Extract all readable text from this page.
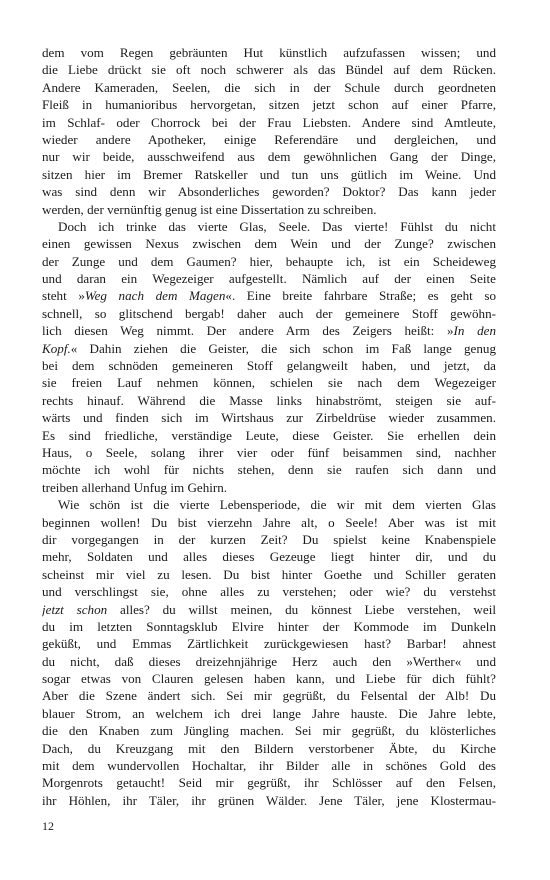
dem vom Regen gebräunten Hut künstlich aufzufassen wissen; und
die Liebe drückt sie oft noch schwerer als das Bündel auf dem Rücken.
Andere Kameraden, Seelen, die sich in der Schule durch geordneten
Fleiß in humanioribus hervorgetan, sitzen jetzt schon auf einer Pfarre,
im Schlaf- oder Chorrock bei der Frau Liebsten. Andere sind Amtleute,
wieder andere Apotheker, einige Referendäre und dergleichen, und
nur wir beide, ausschweifend aus dem gewöhnlichen Gang der Dinge,
sitzen hier im Bremer Ratskeller und tun uns gütlich im Weine. Und
was sind denn wir Absonderliches geworden? Doktor? Das kann jeder
werden, der vernünftig genug ist eine Dissertation zu schreiben.
Doch ich trinke das vierte Glas, Seele. Das vierte! Fühlst du nicht
einen gewissen Nexus zwischen dem Wein und der Zunge? zwischen
der Zunge und dem Gaumen? hier, behaupte ich, ist ein Scheideweg
und daran ein Wegezeiger aufgestellt. Nämlich auf der einen Seite
steht »Weg nach dem Magen«. Eine breite fahrbare Straße; es geht so
schnell, so glitschend bergab! daher auch der gemeinere Stoff gewöhn-
lich diesen Weg nimmt. Der andere Arm des Zeigers heißt: »In den
Kopf.« Dahin ziehen die Geister, die sich schon im Faß lange genug
bei dem schnöden gemeineren Stoff gelangweilt haben, und jetzt, da
sie freien Lauf nehmen können, schielen sie nach dem Wegezeiger
rechts hinauf. Während die Masse links hinabströmt, steigen sie auf-
wärts und finden sich im Wirtshaus zur Zirbeldrüse wieder zusammen.
Es sind friedliche, verständige Leute, diese Geister. Sie erhellen dein
Haus, o Seele, solang ihrer vier oder fünf beisammen sind, nachher
möchte ich wohl für nichts stehen, denn sie raufen sich dann und
treiben allerhand Unfug im Gehirn.
Wie schön ist die vierte Lebensperiode, die wir mit dem vierten Glas
beginnen wollen! Du bist vierzehn Jahre alt, o Seele! Aber was ist mit
dir vorgegangen in der kurzen Zeit? Du spielst keine Knabenspiele
mehr, Soldaten und alles dieses Gezeuge liegt hinter dir, und du
scheinst mir viel zu lesen. Du bist hinter Goethe und Schiller geraten
und verschlingst sie, ohne alles zu verstehen; oder wie? du verstehst
jetzt schon alles? du willst meinen, du könnest Liebe verstehen, weil
du im letzten Sonntagsklub Elvire hinter der Kommode im Dunkeln
geküßt, und Emmas Zärtlichkeit zurückgewiesen hast? Barbar! ahnest
du nicht, daß dieses dreizehnjährige Herz auch den »Werther« und
sogar etwas von Clauren gelesen haben kann, und Liebe für dich fühlt?
Aber die Szene ändert sich. Sei mir gegrüßt, du Felsental der Alb! Du
blauer Strom, an welchem ich drei lange Jahre hauste. Die Jahre lebte,
die den Knaben zum Jüngling machen. Sei mir gegrüßt, du klösterliches
Dach, du Kreuzgang mit den Bildern verstorbener Äbte, du Kirche
mit dem wundervollen Hochaltar, ihr Bilder alle in schönes Gold des
Morgenrots getaucht! Seid mir gegrüßt, ihr Schlösser auf den Felsen,
ihr Höhlen, ihr Täler, ihr grünen Wälder. Jene Täler, jene Klostermau-
12
